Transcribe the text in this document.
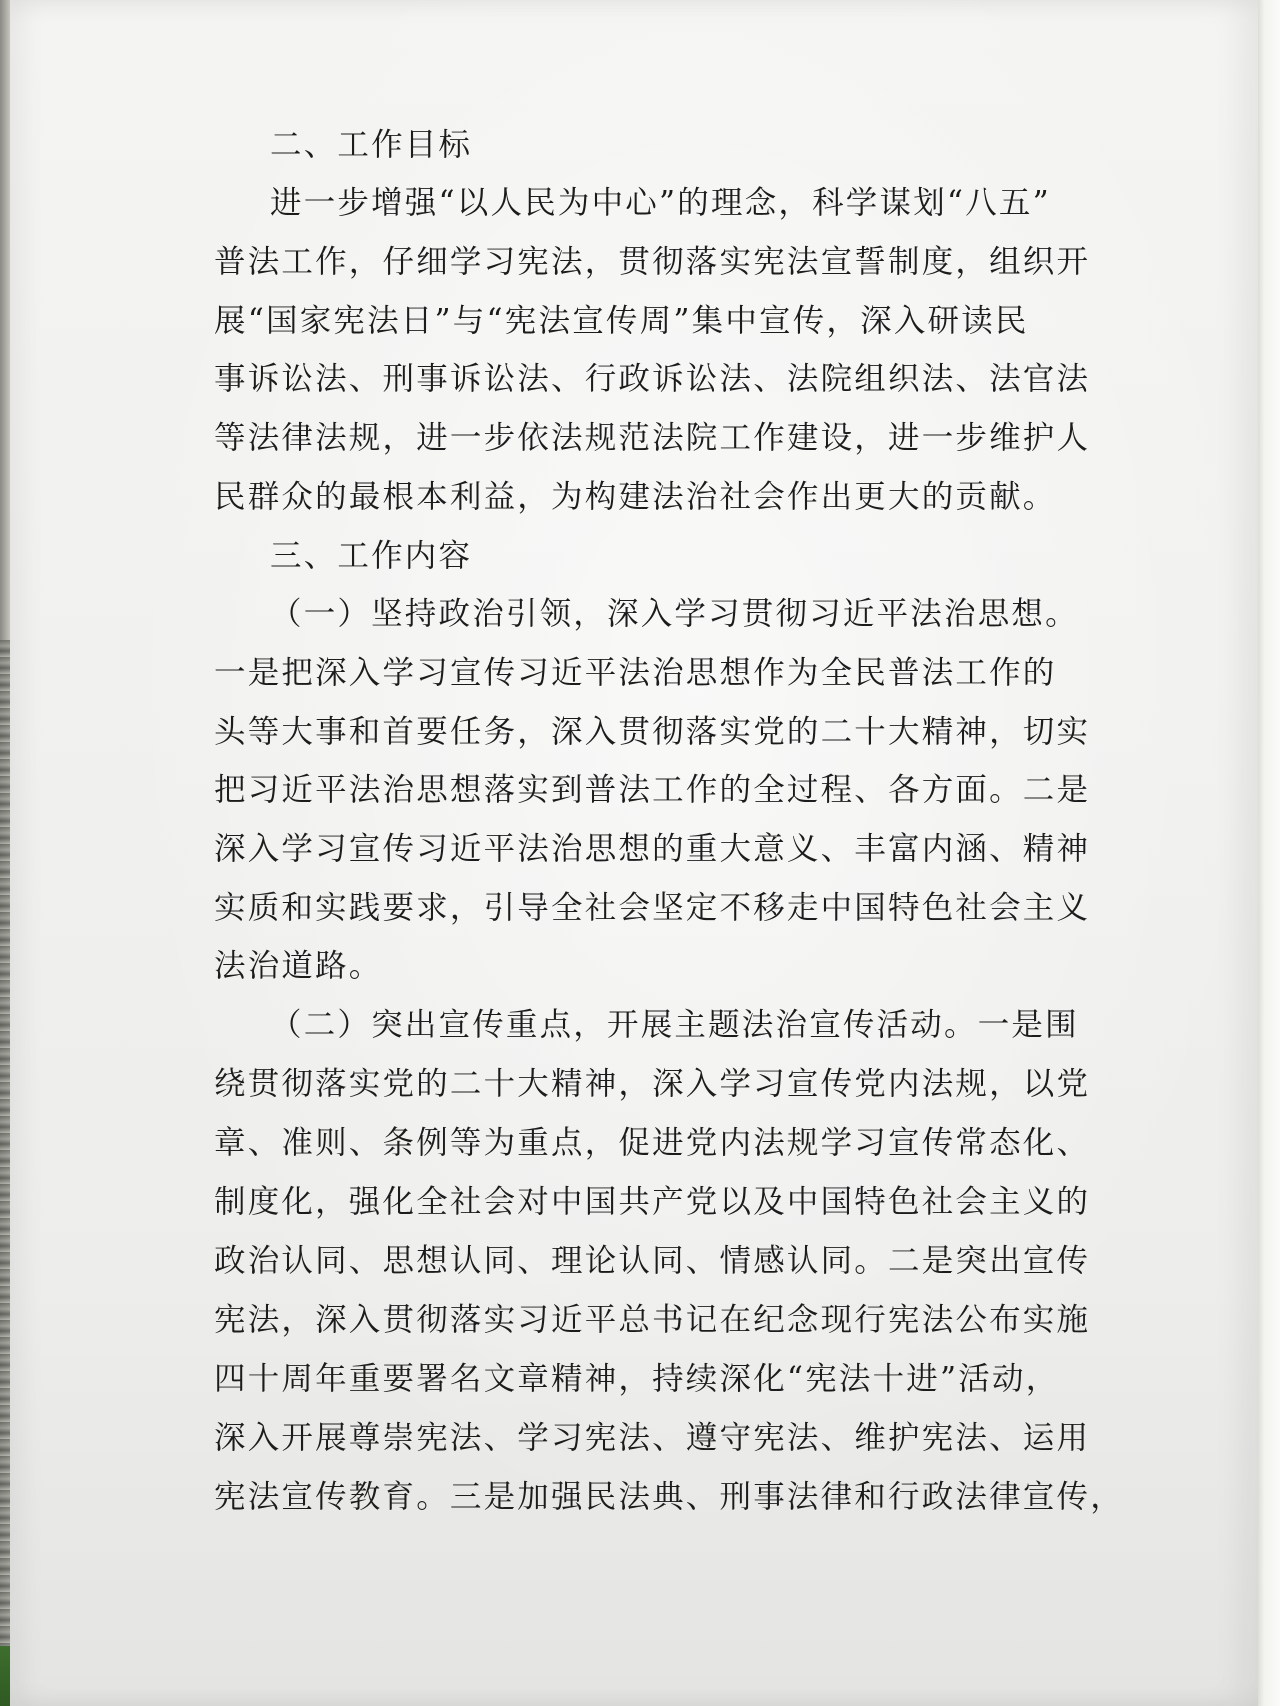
二、工作目标
进一步增强“以人民为中心”的理念，科学谋划“八五”
普法工作，仔细学习宪法，贯彻落实宪法宣誓制度，组织开
展“国家宪法日”与“宪法宣传周”集中宣传，深入研读民
事诉讼法、刑事诉讼法、行政诉讼法、法院组织法、法官法
等法律法规，进一步依法规范法院工作建设，进一步维护人
民群众的最根本利益，为构建法治社会作出更大的贡献。
三、工作内容
（一）坚持政治引领，深入学习贯彻习近平法治思想。
一是把深入学习宣传习近平法治思想作为全民普法工作的
头等大事和首要任务，深入贯彻落实党的二十大精神，切实
把习近平法治思想落实到普法工作的全过程、各方面。二是
深入学习宣传习近平法治思想的重大意义、丰富内涵、精神
实质和实践要求，引导全社会坚定不移走中国特色社会主义
法治道路。
（二）突出宣传重点，开展主题法治宣传活动。一是围
绕贯彻落实党的二十大精神，深入学习宣传党内法规，以党
章、准则、条例等为重点，促进党内法规学习宣传常态化、
制度化，强化全社会对中国共产党以及中国特色社会主义的
政治认同、思想认同、理论认同、情感认同。二是突出宣传
宪法，深入贯彻落实习近平总书记在纪念现行宪法公布实施
四十周年重要署名文章精神，持续深化“宪法十进”活动，
深入开展尊崇宪法、学习宪法、遵守宪法、维护宪法、运用
宪法宣传教育。三是加强民法典、刑事法律和行政法律宣传，
